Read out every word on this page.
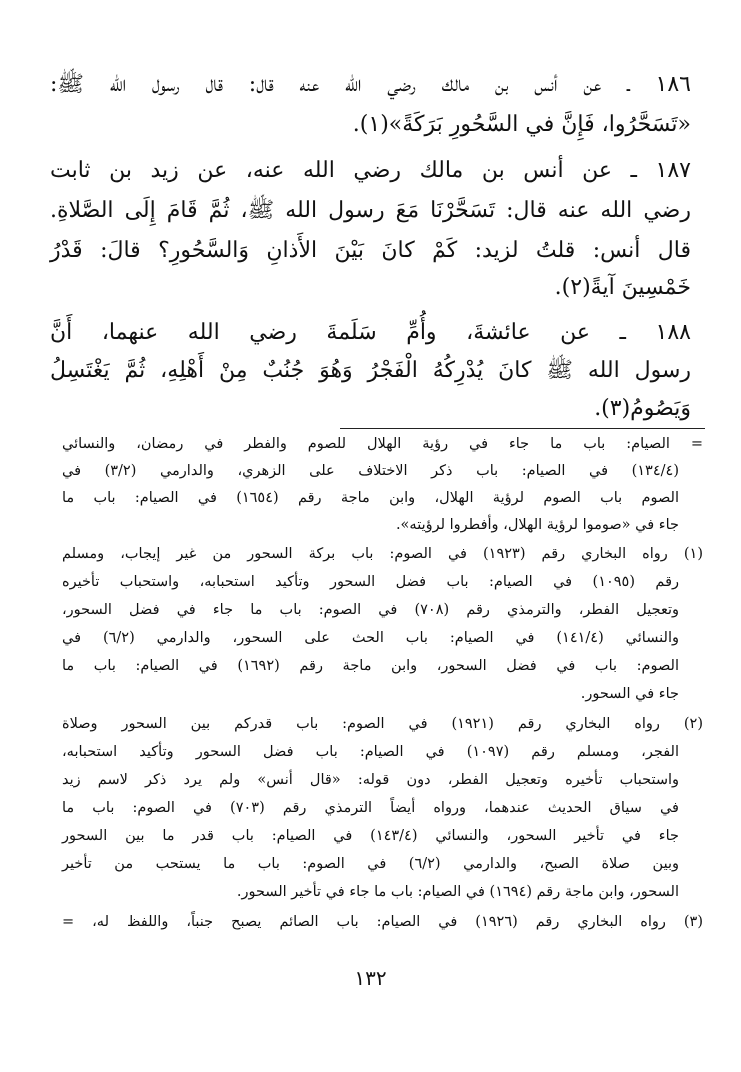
١٨٦ ـ عن أنس بن مالك رضي الله عنه قال: قال رسول الله ﷺ:
«تَسَحَّرُوا، فَإِنَّ في السَّحُورِ بَرَكَةً»(١).
١٨٧ ـ عن أنس بن مالك رضي الله عنه، عن زيد بن ثابت
رضي الله عنه قال: تَسَحَّرْنَا مَعَ رسول الله ﷺ، ثُمَّ قَامَ إِلَى الصَّلاةِ.
قال أنس: قلتُ لزيد: كَمْ كانَ بَيْنَ الأَذانِ وَالسَّحُورِ؟ قالَ: قَدْرُ
خَمْسِينَ آيةً(٢).
١٨٨ ـ عن عائشةَ، وأُمِّ سَلَمةَ رضي الله عنهما، أَنَّ
رسول الله ﷺ كانَ يُدْرِكُهُ الْفَجْرُ وَهُوَ جُنُبٌ مِنْ أَهْلِهِ، ثُمَّ يَغْتَسِلُ
وَيَصُومُ(٣).
= الصيام: باب ما جاء في رؤية الهلال للصوم والفطر في رمضان، والنسائي
(١٣٤/٤) في الصيام: باب ذكر الاختلاف على الزهري، والدارمي (٣/٢) في
الصوم باب الصوم لرؤية الهلال، وابن ماجة رقم (١٦٥٤) في الصيام: باب ما
جاء في «صوموا لرؤية الهلال، وأفطروا لرؤيته».
(١) رواه البخاري رقم (١٩٢٣) في الصوم: باب بركة السحور من غير إيجاب، ومسلم
رقم (١٠٩٥) في الصيام: باب فضل السحور وتأكيد استحبابه، واستحباب تأخيره
وتعجيل الفطر، والترمذي رقم (٧٠٨) في الصوم: باب ما جاء في فضل السحور،
والنسائي (١٤١/٤) في الصيام: باب الحث على السحور، والدارمي (٦/٢) في
الصوم: باب في فضل السحور، وابن ماجة رقم (١٦٩٢) في الصيام: باب ما
جاء في السحور.
(٢) رواه البخاري رقم (١٩٢١) في الصوم: باب قدركم بين السحور وصلاة
الفجر، ومسلم رقم (١٠٩٧) في الصيام: باب فضل السحور وتأكيد استحبابه،
واستحباب تأخيره وتعجيل الفطر، دون قوله: «قال أنس» ولم يرد ذكر لاسم زيد
في سياق الحديث عندهما، ورواه أيضاً الترمذي رقم (٧٠٣) في الصوم: باب ما
جاء في تأخير السحور، والنسائي (١٤٣/٤) في الصيام: باب قدر ما بين السحور
وبين صلاة الصبح، والدارمي (٦/٢) في الصوم: باب ما يستحب من تأخير
السحور، وابن ماجة رقم (١٦٩٤) في الصيام: باب ما جاء في تأخير السحور.
(٣) رواه البخاري رقم (١٩٢٦) في الصيام: باب الصائم يصبح جنباً، واللفظ له، =
١٣٢
